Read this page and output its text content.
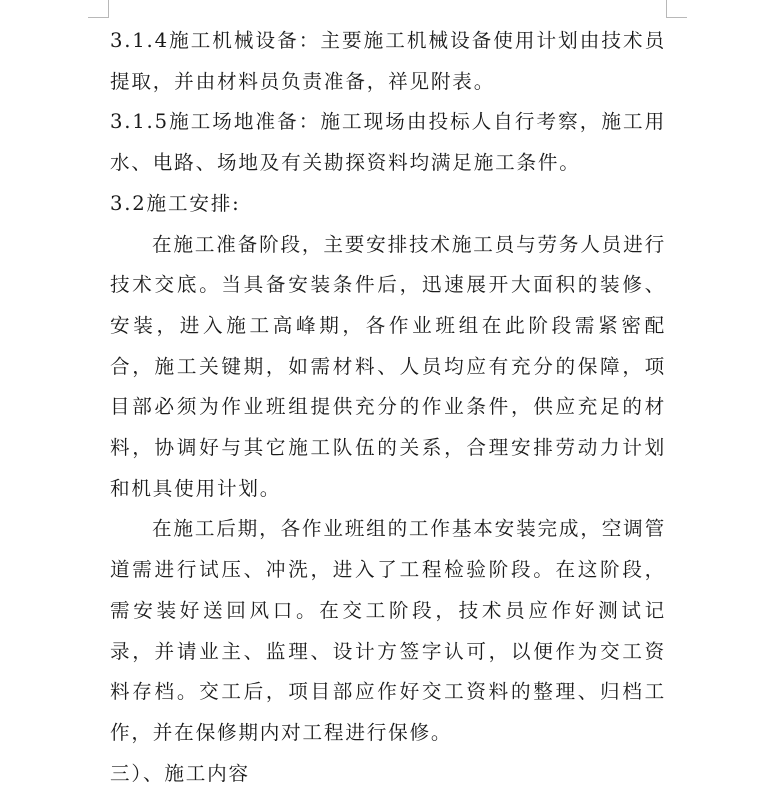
3.1.4施工机械设备：主要施工机械设备使用计划由技术员提取，并由材料员负责准备，祥见附表。

3.1.5施工场地准备：施工现场由投标人自行考察，施工用水、电路、场地及有关勘探资料均满足施工条件。

3.2施工安排:

在施工准备阶段，主要安排技术施工员与劳务人员进行技术交底。当具备安装条件后，迅速展开大面积的装修、安装，进入施工高峰期，各作业班组在此阶段需紧密配合，施工关键期，如需材料、人员均应有充分的保障，项目部必须为作业班组提供充分的作业条件，供应充足的材料，协调好与其它施工队伍的关系，合理安排劳动力计划和机具使用计划。

在施工后期，各作业班组的工作基本安装完成，空调管道需进行试压、冲洗，进入了工程检验阶段。在这阶段，需安装好送回风口。在交工阶段，技术员应作好测试记录，并请业主、监理、设计方签字认可，以便作为交工资料存档。交工后，项目部应作好交工资料的整理、归档工作，并在保修期内对工程进行保修。

三）、施工内容
